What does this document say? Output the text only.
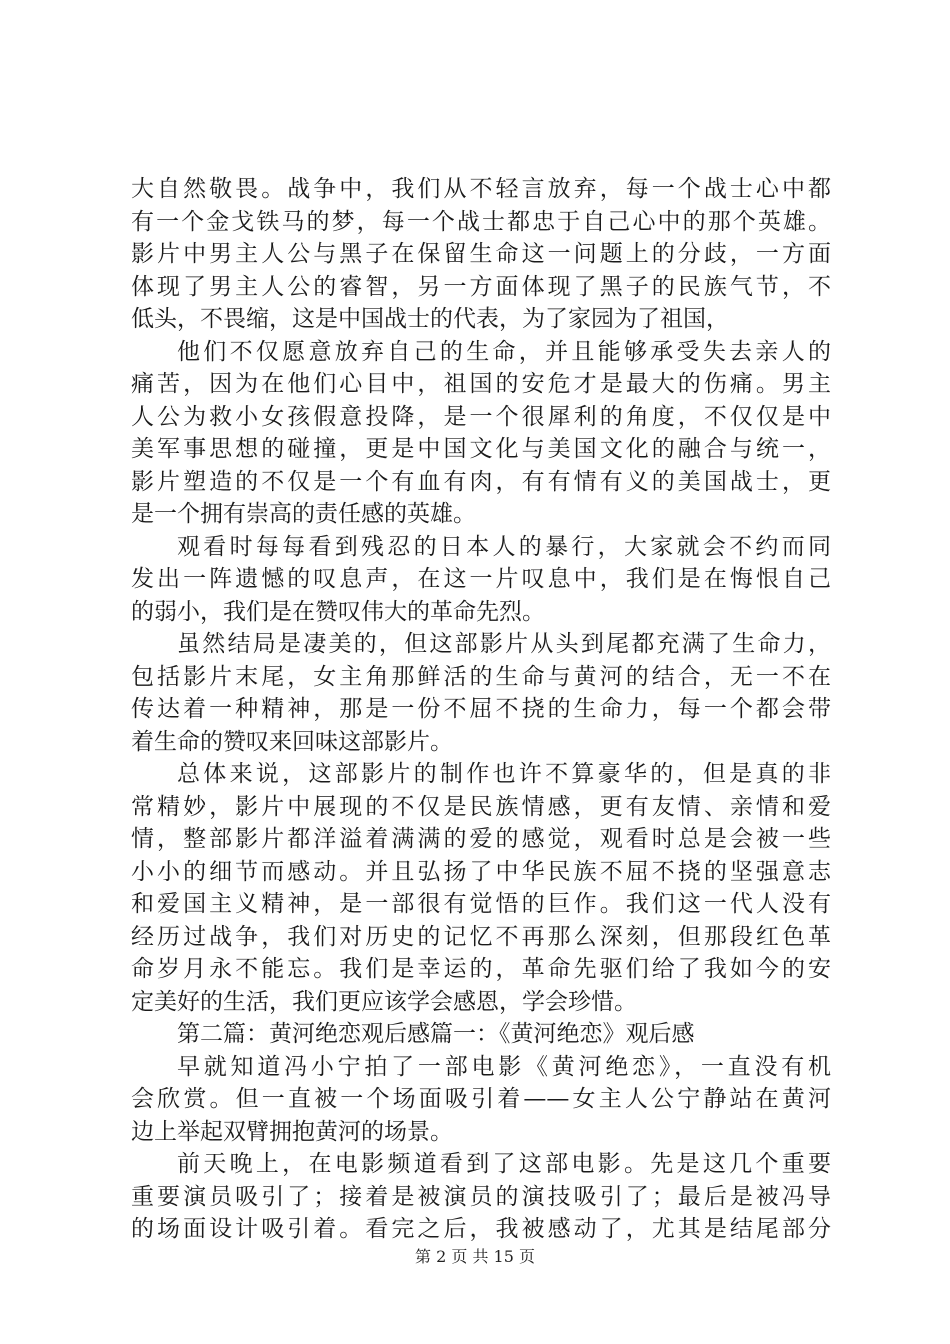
大自然敬畏。战争中，我们从不轻言放弃，每一个战士心中都
有一个金戈铁马的梦，每一个战士都忠于自己心中的那个英雄。
影片中男主人公与黑子在保留生命这一问题上的分歧，一方面
体现了男主人公的睿智，另一方面体现了黑子的民族气节，不
低头，不畏缩，这是中国战士的代表，为了家园为了祖国，
他们不仅愿意放弃自己的生命，并且能够承受失去亲人的
痛苦，因为在他们心目中，祖国的安危才是最大的伤痛。男主
人公为救小女孩假意投降，是一个很犀利的角度，不仅仅是中
美军事思想的碰撞，更是中国文化与美国文化的融合与统一，
影片塑造的不仅是一个有血有肉，有有情有义的美国战士，更
是一个拥有崇高的责任感的英雄。
观看时每每看到残忍的日本人的暴行，大家就会不约而同
发出一阵遗憾的叹息声，在这一片叹息中，我们是在悔恨自己
的弱小，我们是在赞叹伟大的革命先烈。
虽然结局是凄美的，但这部影片从头到尾都充满了生命力，
包括影片末尾，女主角那鲜活的生命与黄河的结合，无一不在
传达着一种精神，那是一份不屈不挠的生命力，每一个都会带
着生命的赞叹来回味这部影片。
总体来说，这部影片的制作也许不算豪华的，但是真的非
常精妙，影片中展现的不仅是民族情感，更有友情、亲情和爱
情，整部影片都洋溢着满满的爱的感觉，观看时总是会被一些
小小的细节而感动。并且弘扬了中华民族不屈不挠的坚强意志
和爱国主义精神，是一部很有觉悟的巨作。我们这一代人没有
经历过战争，我们对历史的记忆不再那么深刻，但那段红色革
命岁月永不能忘。我们是幸运的，革命先驱们给了我如今的安
定美好的生活，我们更应该学会感恩，学会珍惜。
第二篇：黄河绝恋观后感篇一：《黄河绝恋》观后感
早就知道冯小宁拍了一部电影《黄河绝恋》，一直没有机
会欣赏。但一直被一个场面吸引着——女主人公宁静站在黄河
边上举起双臂拥抱黄河的场景。
前天晚上，在电影频道看到了这部电影。先是这几个重要
重要演员吸引了；接着是被演员的演技吸引了；最后是被冯导
的场面设计吸引着。看完之后，我被感动了，尤其是结尾部分
第 2 页 共 15 页
